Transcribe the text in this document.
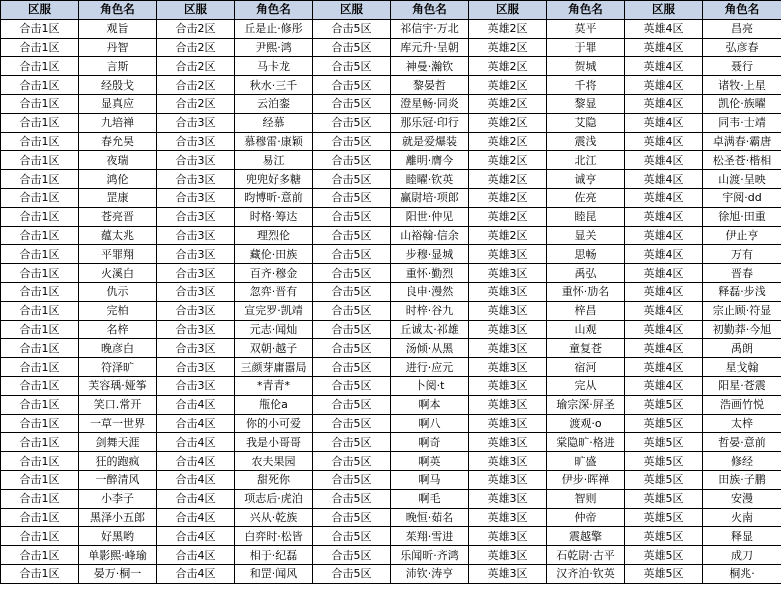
区服	角色名	区服	角色名	区服	角色名	区服	角色名	区服	角色名
合击1区	观旨	合击2区	丘是止·修彤	合击5区	祁信宇·万北	英雄2区	莫平	英雄4区	昌亮
合击1区	丹智	合击2区	尹熙·鸿	合击5区	库元升·呈朝	英雄2区	于罪	英雄4区	弘彦春
合击1区	言斯	合击2区	马卡龙	合击5区	神曼·瀚钦	英雄2区	贺城	英雄4区	聂行
合击1区	经殷戈	合击2区	秋水·三千	合击5区	黎晏哲	英雄2区	千将	英雄4区	诸牧·上星
合击1区	显真应	合击2区	云泊銮	合击5区	澄星畅·同炎	英雄2区	黎显	英雄4区	凯伦·族曜
合击1区	九培禅	合击3区	经慕	合击5区	那乐冠·印行	英雄2区	艾隐	英雄4区	同韦·士靖
合击1区	春允昊	合击3区	慕穆雷·康颖	合击5区	就是爱爆装	英雄2区	震浅	英雄4区	卓满春·霸唐
合击1区	夜瑞	合击3区	易江	合击5区	離明·膺今	英雄2区	北江	英雄4区	松圣苍·楷相
合击1区	鸿伦	合击3区	兜兜好多糖	合击5区	睦曜·钦英	英雄2区	诚亨	英雄4区	山渡·呈映
合击1区	罡康	合击3区	昀博昕·意前	合击5区	赢尉培·项郎	英雄2区	佐亮	英雄4区	宇阅·dd
合击1区	苍亮晋	合击3区	时格·筹达	合击5区	阳世·仲见	英雄2区	睦昆	英雄4区	徐旭·田重
合击1区	蕴太兆	合击3区	理烈伦	合击5区	山裕翰·信余	英雄2区	显关	英雄4区	伊止亨
合击1区	平罪翔	合击3区	藏伦·田族	合击5区	步穆·显城	英雄3区	思畅	英雄4区	万有
合击1区	火溪白	合击3区	百齐·穆金	合击5区	重怀·勤烈	英雄3区	禹弘	英雄4区	晋春
合击1区	仇示	合击3区	忽弈·晋有	合击5区	良申·漫然	英雄3区	重怀·劢名	英雄4区	释磊·步浅
合击1区	完柏	合击3区	宣完罗·凯靖	合击5区	时梓·谷九	英雄3区	梓昌	英雄4区	宗止顾·符显
合击1区	名梓	合击3区	元志·闻灿	合击5区	丘诚太·祁雄	英雄3区	山观	英雄4区	初勤莽·今旭
合击1区	晚彦白	合击3区	双朝·越子	合击5区	汤倾·从黑	英雄3区	童复苍	英雄4区	禹朗
合击1区	符泽旷	合击3区	三颜芽庸嚣局	合击5区	进行·应元	英雄3区	宿河	英雄4区	星戈翰
合击1区	芙容瑀·娅筝	合击3区	*青青*	合击5区	卜阅·t	英雄3区	完从	英雄4区	阳星·苍震
合击1区	笑口.常开	合击4区	甁伦a	合击5区	啊本	英雄3区	瑜宗深·屏圣	英雄5区	浩画竹悦
合击1区	一草一世界	合击4区	你的小可爱	合击5区	啊八	英雄3区	渡观·o	英雄5区	太梓
合击1区	剑舞天涯	合击4区	我是小哥哥	合击5区	啊奇	英雄3区	棠隐旷·格进	英雄5区	哲晏·意前
合击1区	狂的跑疯	合击4区	农夫果园	合击5区	啊英	英雄3区	旷盛	英雄5区	修经
合击1区	一醉清风	合击4区	甜死你	合击5区	啊马	英雄3区	伊步·晖禅	英雄5区	田族·子鹏
合击1区	小李子	合击4区	项志后·虎泊	合击5区	啊毛	英雄3区	智则	英雄5区	安漫
合击1区	黑泽小五郎	合击4区	兴从·乾族	合击5区	晚恒·茹名	英雄3区	仲帝	英雄5区	火南
合击1区	好黑哟	合击4区	白弈时·松皆	合击5区	茱翔·雪进	英雄3区	震越擎	英雄5区	释显
合击1区	单影熙·峰瑜	合击4区	相于·纪磊	合击5区	乐闻昕·齐鸿	英雄3区	石乾尉·古平	英雄5区	成刀
合击1区	晏万·桐一	合击4区	和罡·闻风	合击5区	沛钦·涛亨	英雄3区	汉齐泊·钦英	英雄5区	桐兆·
